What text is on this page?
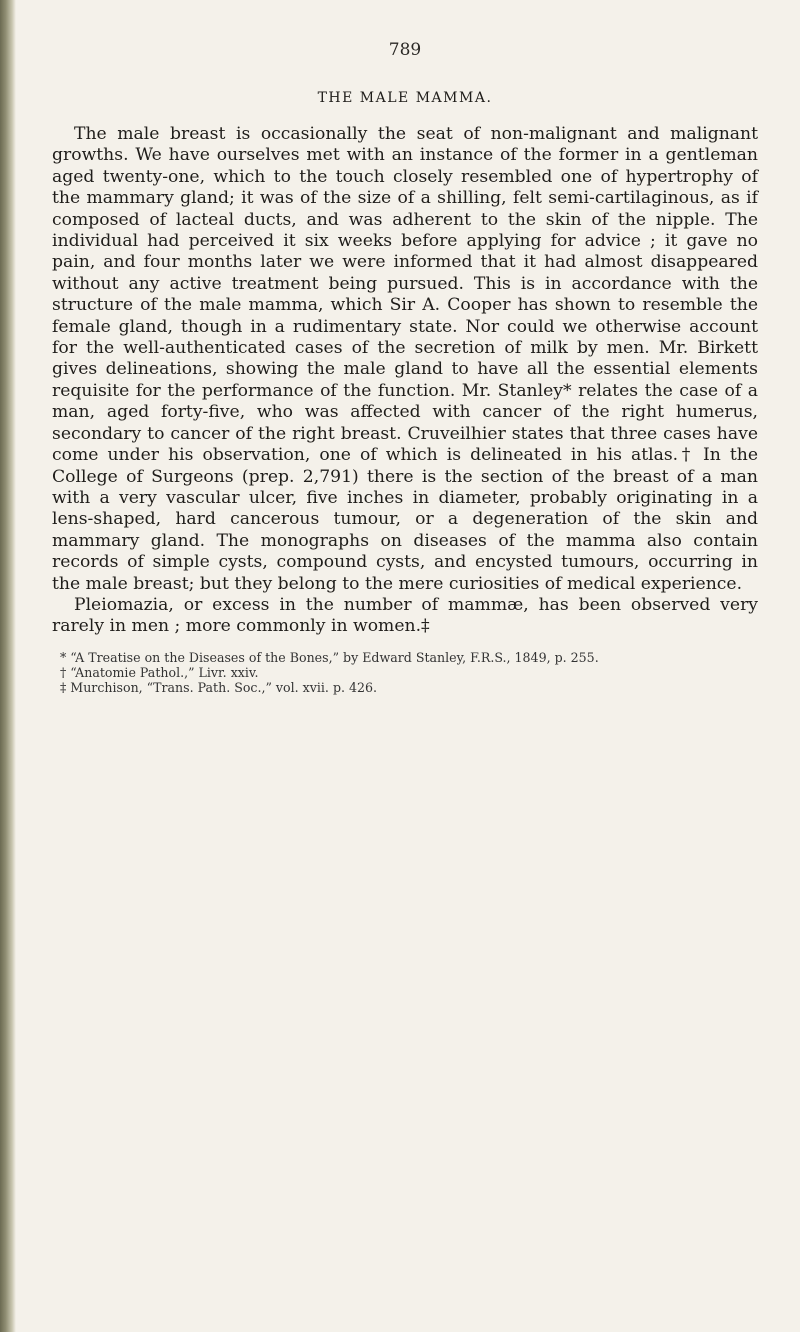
789
THE MALE MAMMA.

The male breast is occasionally the seat of non-malignant and malignant growths. We have ourselves met with an instance of the former in a gentleman aged twenty-one, which to the touch closely resembled one of hypertrophy of the mammary gland; it was of the size of a shilling, felt semi-cartilaginous, as if composed of lacteal ducts, and was adherent to the skin of the nipple. The individual had perceived it six weeks before applying for advice ; it gave no pain, and four months later we were informed that it had almost disappeared without any active treatment being pursued. This is in accordance with the structure of the male mamma, which Sir A. Cooper has shown to resemble the female gland, though in a rudimentary state. Nor could we otherwise account for the well-authenticated cases of the secretion of milk by men. Mr. Birkett gives delineations, showing the male gland to have all the essential elements requisite for the performance of the function. Mr. Stanley* relates the case of a man, aged forty-five, who was affected with cancer of the right humerus, secondary to cancer of the right breast. Cruveilhier states that three cases have come under his observation, one of which is delineated in his atlas.† In the College of Surgeons (prep. 2,791) there is the section of the breast of a man with a very vascular ulcer, five inches in diameter, probably originating in a lens-shaped, hard cancerous tumour, or a degeneration of the skin and mammary gland. The monographs on diseases of the mamma also contain records of simple cysts, compound cysts, and encysted tumours, occurring in the male breast; but they belong to the mere curiosities of medical experience.

Pleiomazia, or excess in the number of mammæ, has been observed very rarely in men ; more commonly in women.‡

* “A Treatise on the Diseases of the Bones,” by Edward Stanley, F.R.S., 1849, p. 255.
† “Anatomie Pathol.,” Livr. xxiv.
‡ Murchison, “Trans. Path. Soc.,” vol. xvii. p. 426.
